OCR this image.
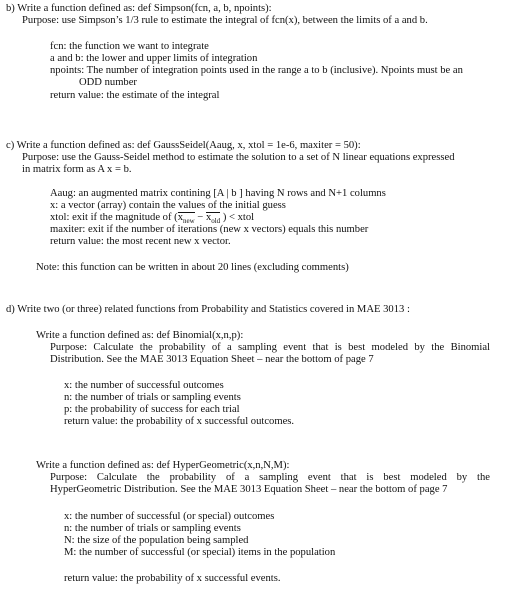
b) Write a function defined as: def Simpson(fcn, a, b, npoints):
Purpose: use Simpson’s 1/3 rule to estimate the integral of fcn(x), between the limits of a and b.
fcn: the function we want to integrate
a and b: the lower and upper limits of integration
npoints: The number of integration points used in the range a to b (inclusive). Npoints must be an
ODD number
return value: the estimate of the integral
c) Write a function defined as: def GaussSeidel(Aaug, x, xtol = 1e-6, maxiter = 50):
Purpose: use the Gauss-Seidel method to estimate the solution to a set of N linear equations expressed
in matrix form as A x = b.
Aaug: an augmented matrix contining [A | b ] having N rows and N+1 columns
x: a vector (array) contain the values of the initial guess
xtol: exit if the magnitude of ($x_{new} - x_{old}$ ) < xtol
maxiter: exit if the number of iterations (new x vectors) equals this number
return value: the most recent new x vector.
Note: this function can be written in about 20 lines (excluding comments)
d) Write two (or three) related functions from Probability and Statistics covered in MAE 3013 :
Write a function defined as: def Binomial(x,n,p):
Purpose: Calculate the probability of a sampling event that is best modeled by the Binomial
Distribution. See the MAE 3013 Equation Sheet – near the bottom of page 7
x: the number of successful outcomes
n: the number of trials or sampling events
p: the probability of success for each trial
return value: the probability of x successful outcomes.
Write a function defined as: def HyperGeometric(x,n,N,M):
Purpose: Calculate the probability of a sampling event that is best modeled by the
HyperGeometric Distribution. See the MAE 3013 Equation Sheet – near the bottom of page 7
x: the number of successful (or special) outcomes
n: the number of trials or sampling events
N: the size of the population being sampled
M: the number of successful (or special) items in the population
return value: the probability of x successful events.
